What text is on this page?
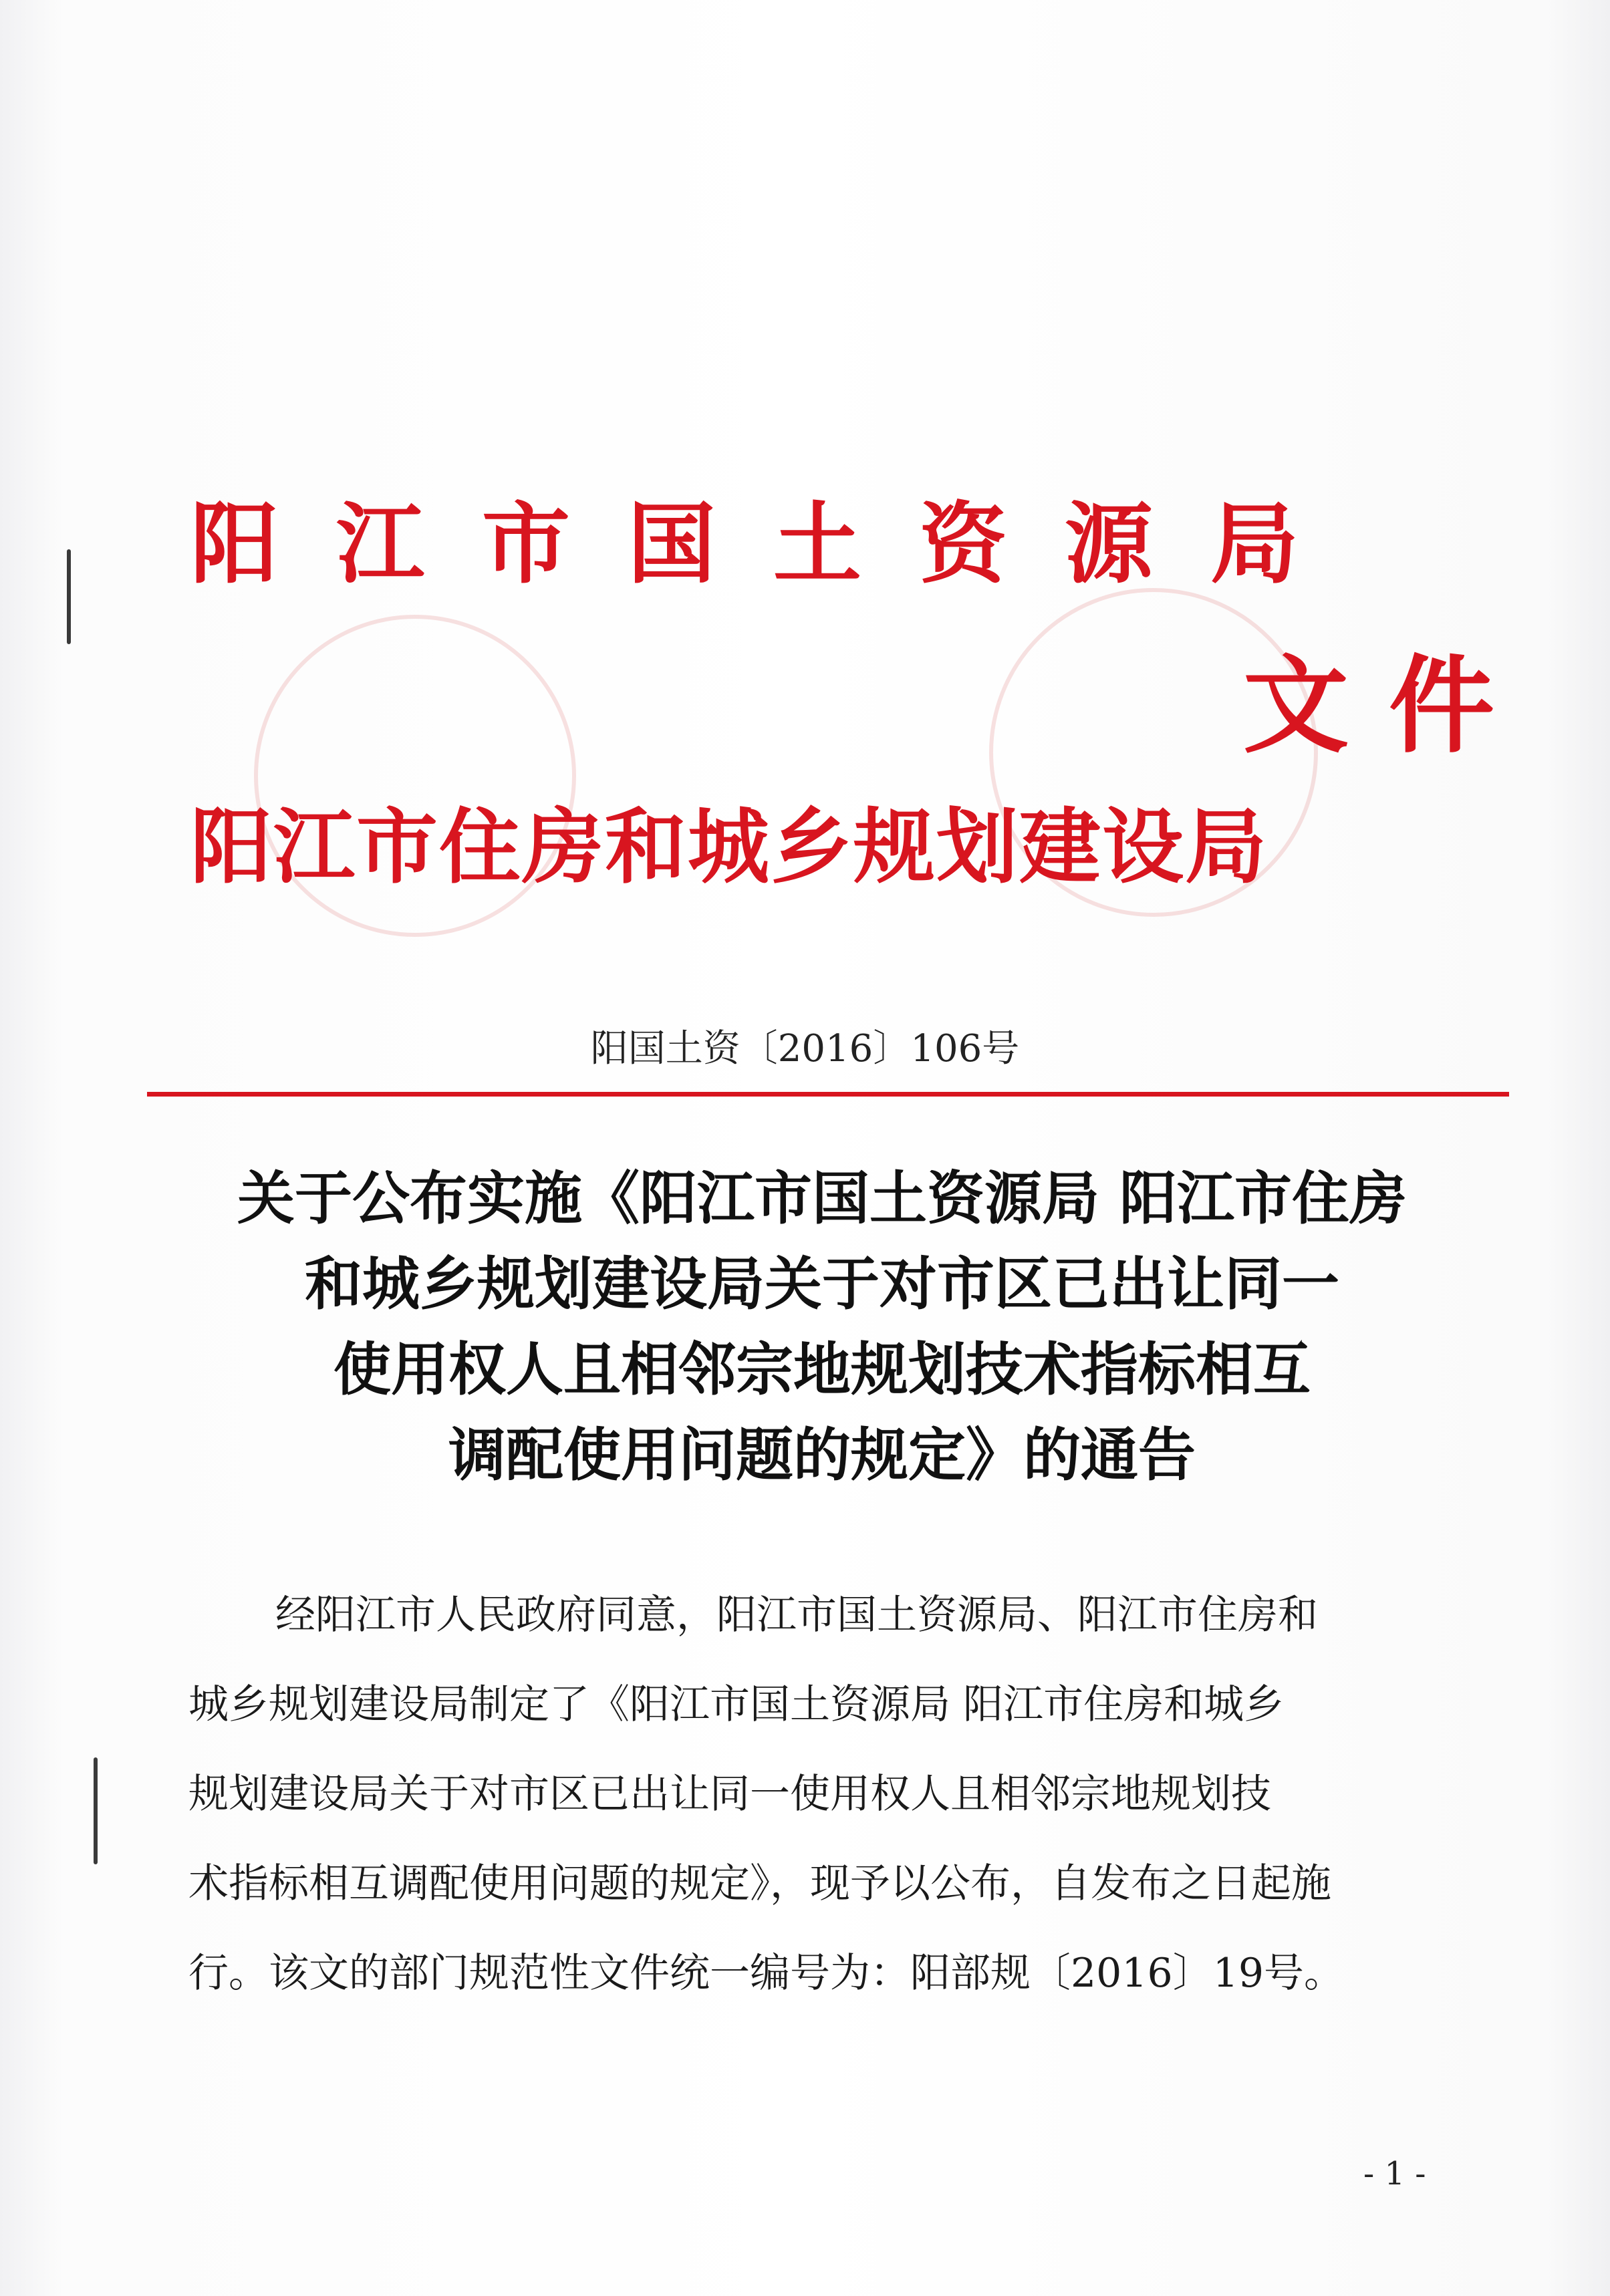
阳江市国土资源局
文件
阳江市住房和城乡规划建设局
阳国土资〔2016〕106号
关于公布实施《阳江市国土资源局 阳江市住房
和城乡规划建设局关于对市区已出让同一
使用权人且相邻宗地规划技术指标相互
调配使用问题的规定》的通告
经阳江市人民政府同意，阳江市国土资源局、阳江市住房和
城乡规划建设局制定了《阳江市国土资源局 阳江市住房和城乡
规划建设局关于对市区已出让同一使用权人且相邻宗地规划技
术指标相互调配使用问题的规定》，现予以公布，自发布之日起施
行。该文的部门规范性文件统一编号为：阳部规〔2016〕19号。
- 1 -
